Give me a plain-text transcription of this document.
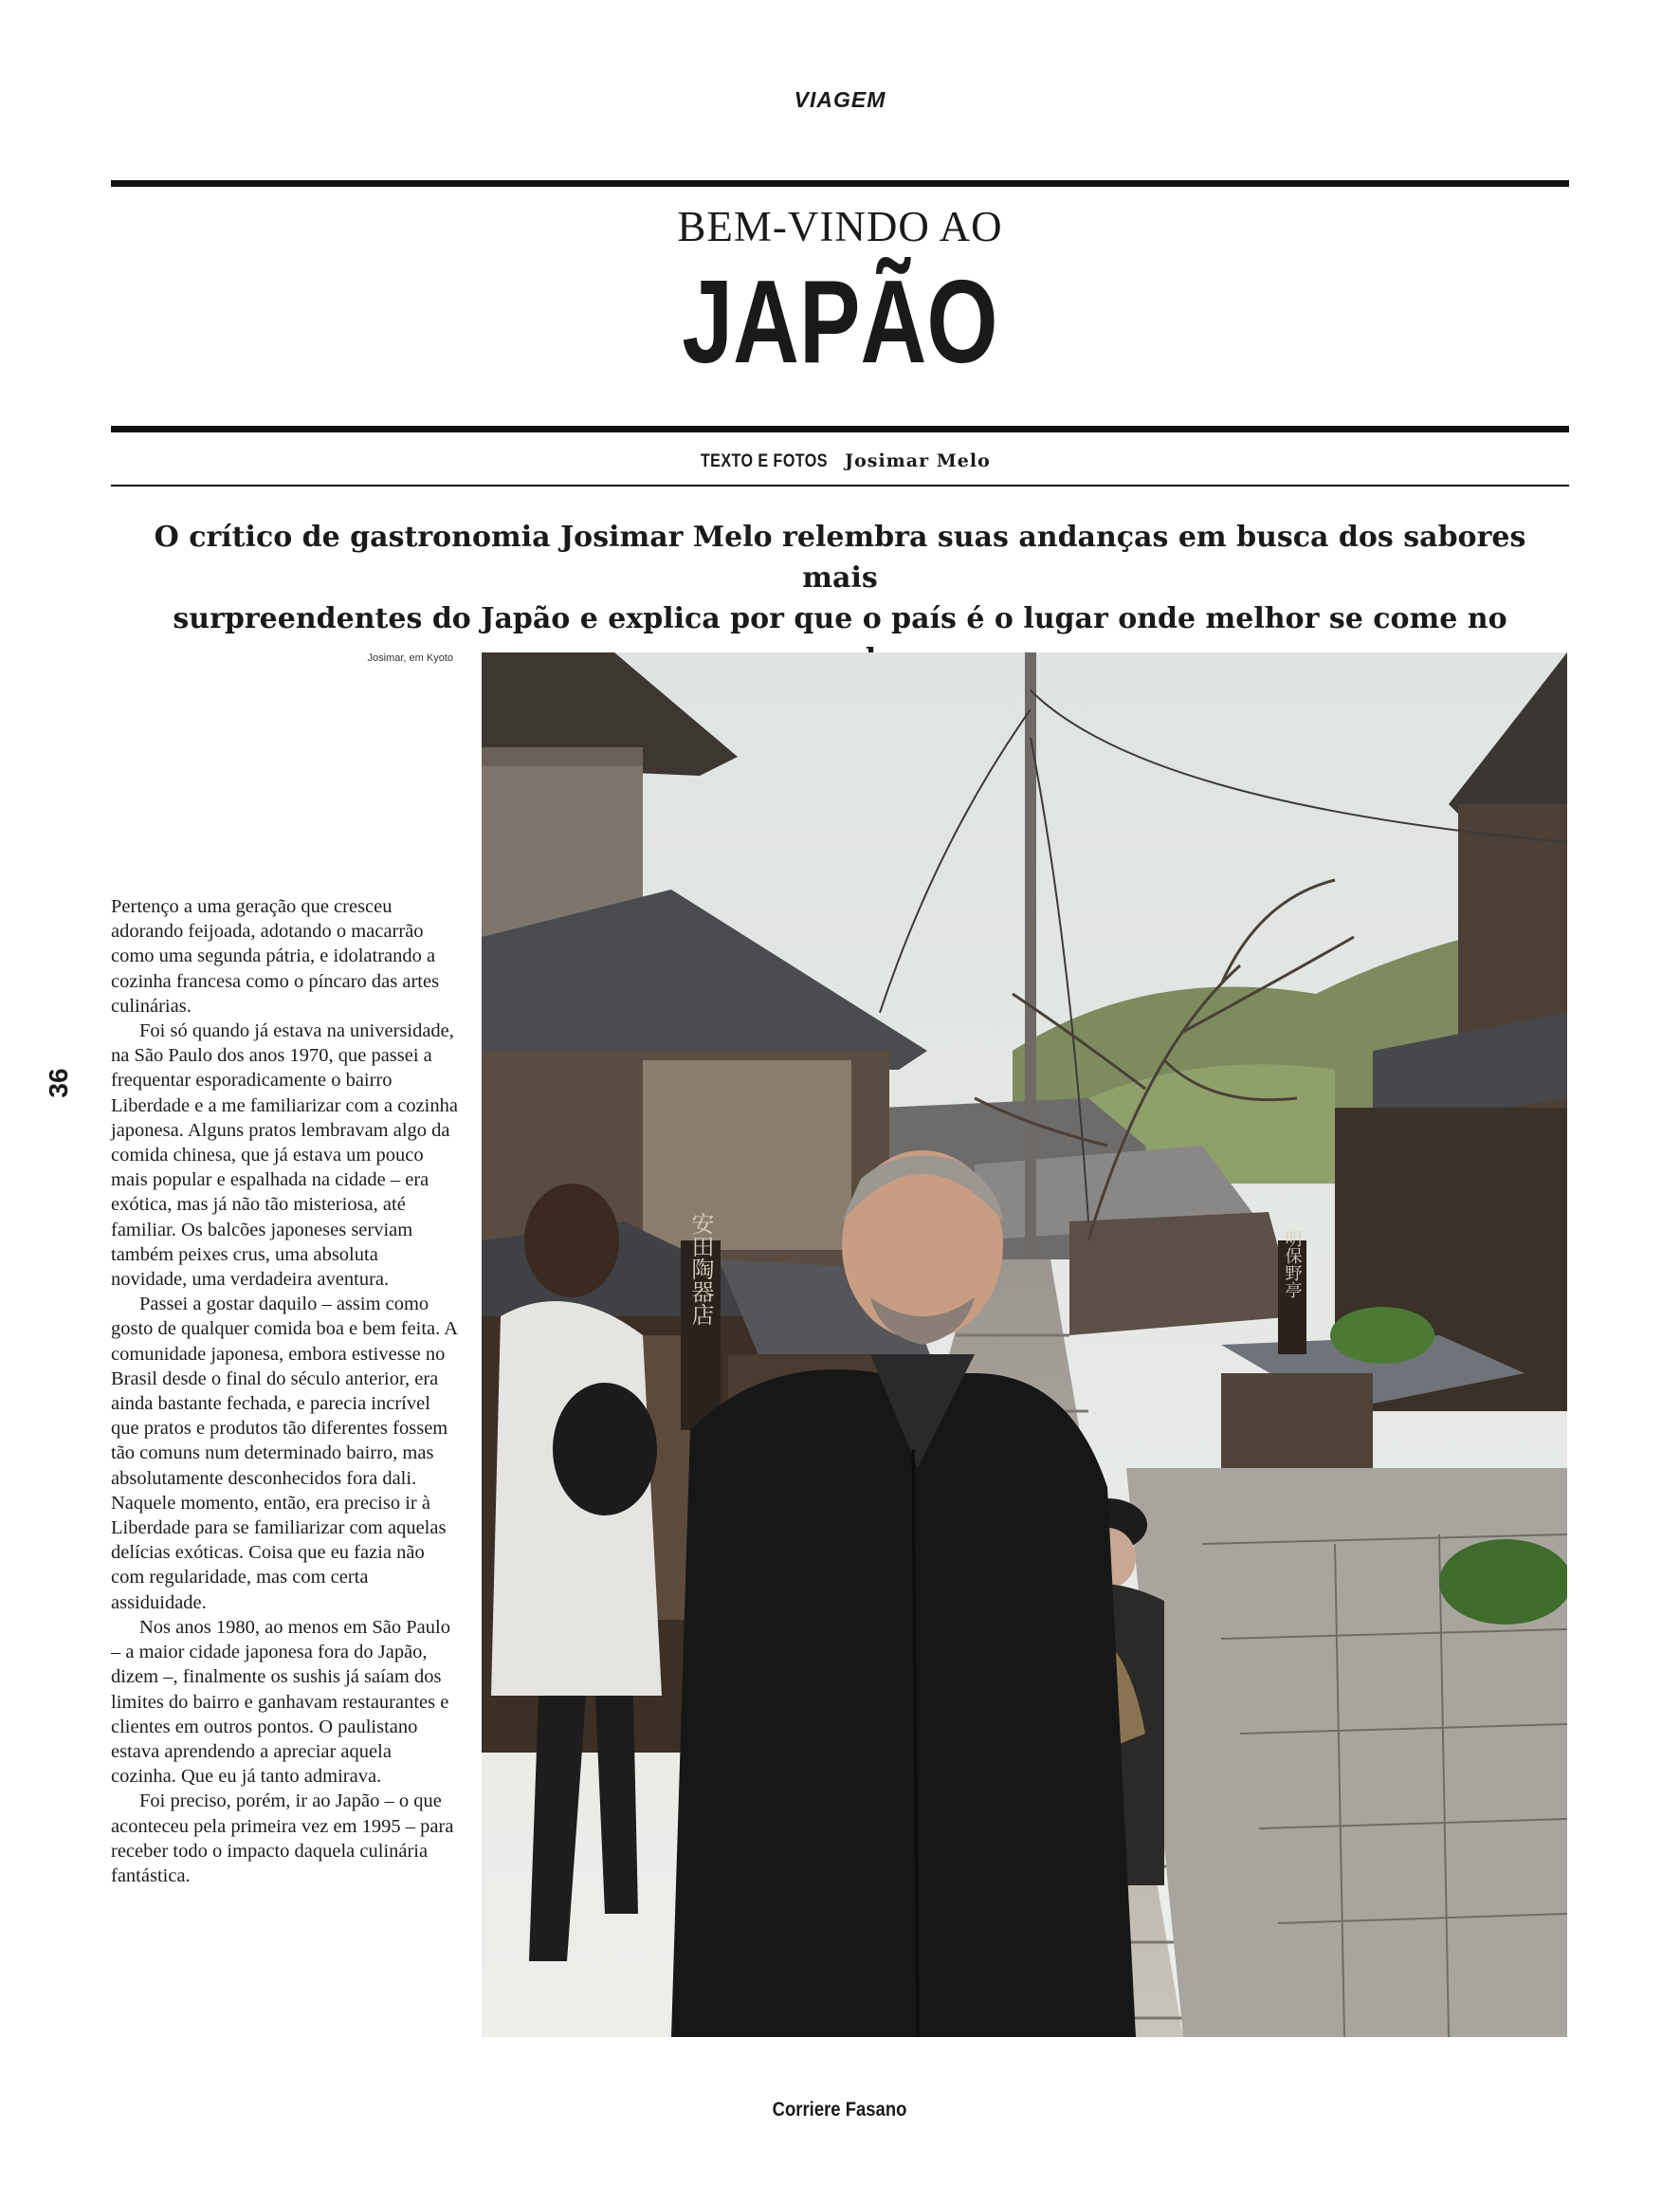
VIAGEM
BEM-VINDO AO
JAPÃO
TEXTO E FOTOS Josimar Melo
O crítico de gastronomia Josimar Melo relembra suas andanças em busca dos sabores mais
surpreendentes do Japão e explica por que o país é o lugar onde melhor se come no
Josimar, em Kyoto
36

Pertenço a uma geração que cresceu adorando feijoada, adotando o macarrão como uma segunda pátria, e idolatrando a cozinha francesa como o píncaro das artes culinárias.

Foi só quando já estava na universidade, na São Paulo dos anos 1970, que passei a frequentar esporadicamente o bairro Liberdade e a me familiarizar com a cozinha japonesa. Alguns pratos lembravam algo da comida chinesa, que já estava um pouco mais popular e espalhada na cidade – era exótica, mas já não tão misteriosa, até familiar. Os balcões japoneses serviam também peixes crus, uma absoluta novidade, uma verdadeira aventura.

Passei a gostar daquilo – assim como gosto de qualquer comida boa e bem feita. A comunidade japonesa, embora estivesse no Brasil desde o final do século anterior, era ainda bastante fechada, e parecia incrível que pratos e produtos tão diferentes fossem tão comuns num determinado bairro, mas absolutamente desconhecidos fora dali. Naquele momento, então, era preciso ir à Liberdade para se familiarizar com aquelas delícias exóticas. Coisa que eu fazia não com regularidade, mas com certa assiduidade.

Nos anos 1980, ao menos em São Paulo – a maior cidade japonesa fora do Japão, dizem –, finalmente os sushis já saíam dos limites do bairro e ganhavam restaurantes e clientes em outros pontos. O paulistano estava aprendendo a apreciar aquela cozinha. Que eu já tanto admirava.

Foi preciso, porém, ir ao Japão – o que aconteceu pela primeira vez em 1995 – para receber todo o impacto daquela culinária fantástica.

安田陶器店	明保野亭
Corriere Fasano
